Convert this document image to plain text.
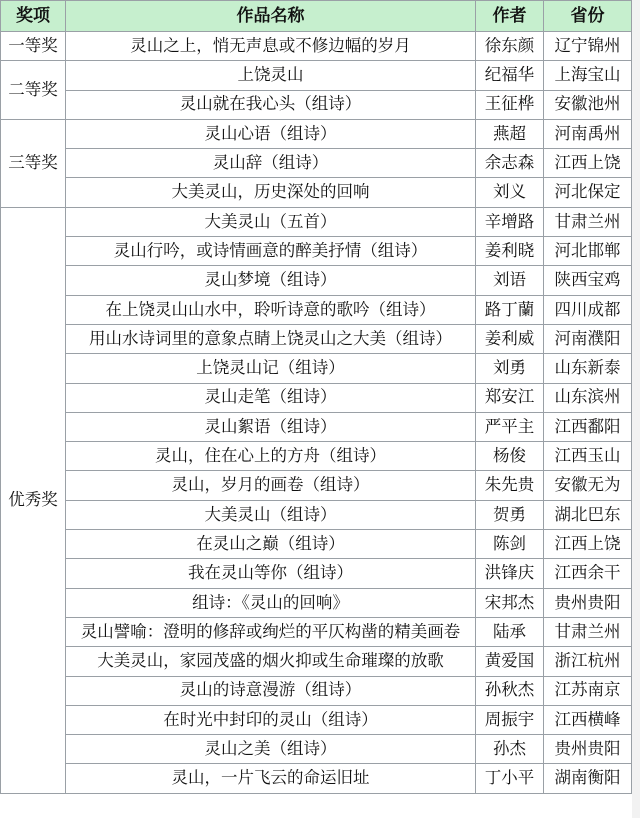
奖项	作品名称	作者	省份
一等奖	灵山之上，悄无声息或不修边幅的岁月	徐东颜	辽宁锦州
二等奖	上饶灵山	纪福华	上海宝山
	灵山就在我心头（组诗）	王征桦	安徽池州
三等奖	灵山心语（组诗）	燕超	河南禹州
	灵山辞（组诗）	余志森	江西上饶
	大美灵山，历史深处的回响	刘义	河北保定
优秀奖	大美灵山（五首）	辛增路	甘肃兰州
	灵山行吟，或诗情画意的醉美抒情（组诗）	姜利晓	河北邯郸
	灵山梦境（组诗）	刘语	陕西宝鸡
	在上饶灵山山水中，聆听诗意的歌吟（组诗）	路丁蘭	四川成都
	用山水诗词里的意象点睛上饶灵山之大美（组诗）	姜利威	河南濮阳
	上饶灵山记（组诗）	刘勇	山东新泰
	灵山走笔（组诗）	郑安江	山东滨州
	灵山絮语（组诗）	严平主	江西鄱阳
	灵山，住在心上的方舟（组诗）	杨俊	江西玉山
	灵山，岁月的画卷（组诗）	朱先贵	安徽无为
	大美灵山（组诗）	贺勇	湖北巴东
	在灵山之巅（组诗）	陈剑	江西上饶
	我在灵山等你（组诗）	洪锋庆	江西余干
	组诗：《灵山的回响》	宋邦杰	贵州贵阳
	灵山譬喻：澄明的修辞或绚烂的平仄构凿的精美画卷	陆承	甘肃兰州
	大美灵山，家园茂盛的烟火抑或生命璀璨的放歌	黄爱国	浙江杭州
	灵山的诗意漫游（组诗）	孙秋杰	江苏南京
	在时光中封印的灵山（组诗）	周振宇	江西横峰
	灵山之美（组诗）	孙杰	贵州贵阳
	灵山，一片飞云的命运旧址	丁小平	湖南衡阳
